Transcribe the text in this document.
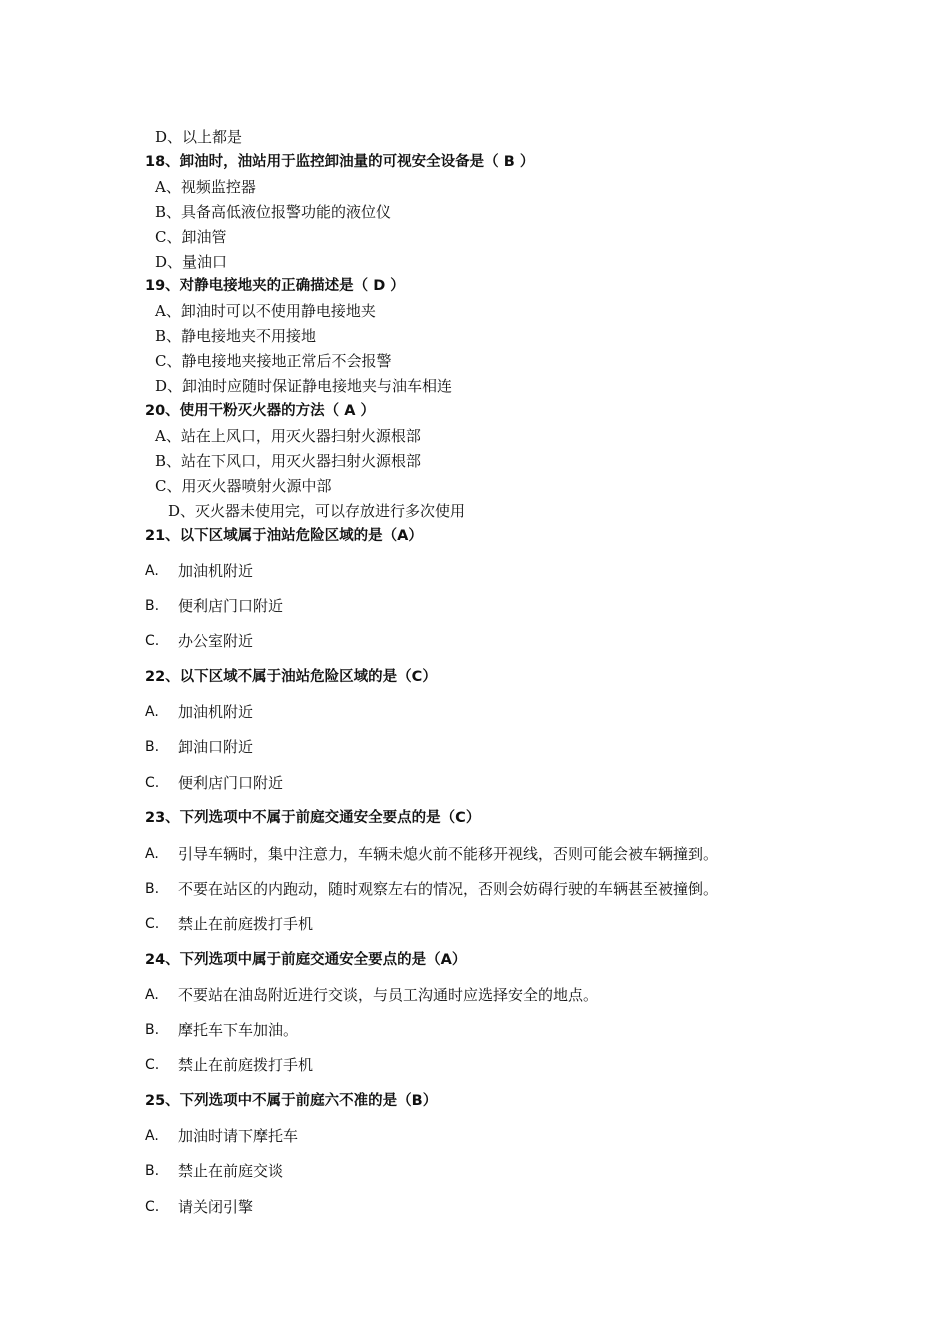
D、以上都是
18、卸油时，油站用于监控卸油量的可视安全设备是（ B ）
A、视频监控器
B、具备高低液位报警功能的液位仪
C、卸油管
D、量油口
19、对静电接地夹的正确描述是（ D ）
A、卸油时可以不使用静电接地夹
B、静电接地夹不用接地
C、静电接地夹接地正常后不会报警
D、卸油时应随时保证静电接地夹与油车相连
20、使用干粉灭火器的方法（ A ）
A、站在上风口，用灭火器扫射火源根部
B、站在下风口，用灭火器扫射火源根部
C、用灭火器喷射火源中部
D、灭火器未使用完，可以存放进行多次使用
21、以下区域属于油站危险区域的是（A）
A. 加油机附近
B. 便利店门口附近
C. 办公室附近
22、以下区域不属于油站危险区域的是（C）
A. 加油机附近
B. 卸油口附近
C. 便利店门口附近
23、下列选项中不属于前庭交通安全要点的是（C）
A. 引导车辆时，集中注意力，车辆未熄火前不能移开视线，否则可能会被车辆撞到。
B. 不要在站区的内跑动，随时观察左右的情况，否则会妨碍行驶的车辆甚至被撞倒。
C. 禁止在前庭拨打手机
24、下列选项中属于前庭交通安全要点的是（A）
A. 不要站在油岛附近进行交谈，与员工沟通时应选择安全的地点。
B. 摩托车下车加油。
C. 禁止在前庭拨打手机
25、下列选项中不属于前庭六不准的是（B）
A. 加油时请下摩托车
B. 禁止在前庭交谈
C. 请关闭引擎
